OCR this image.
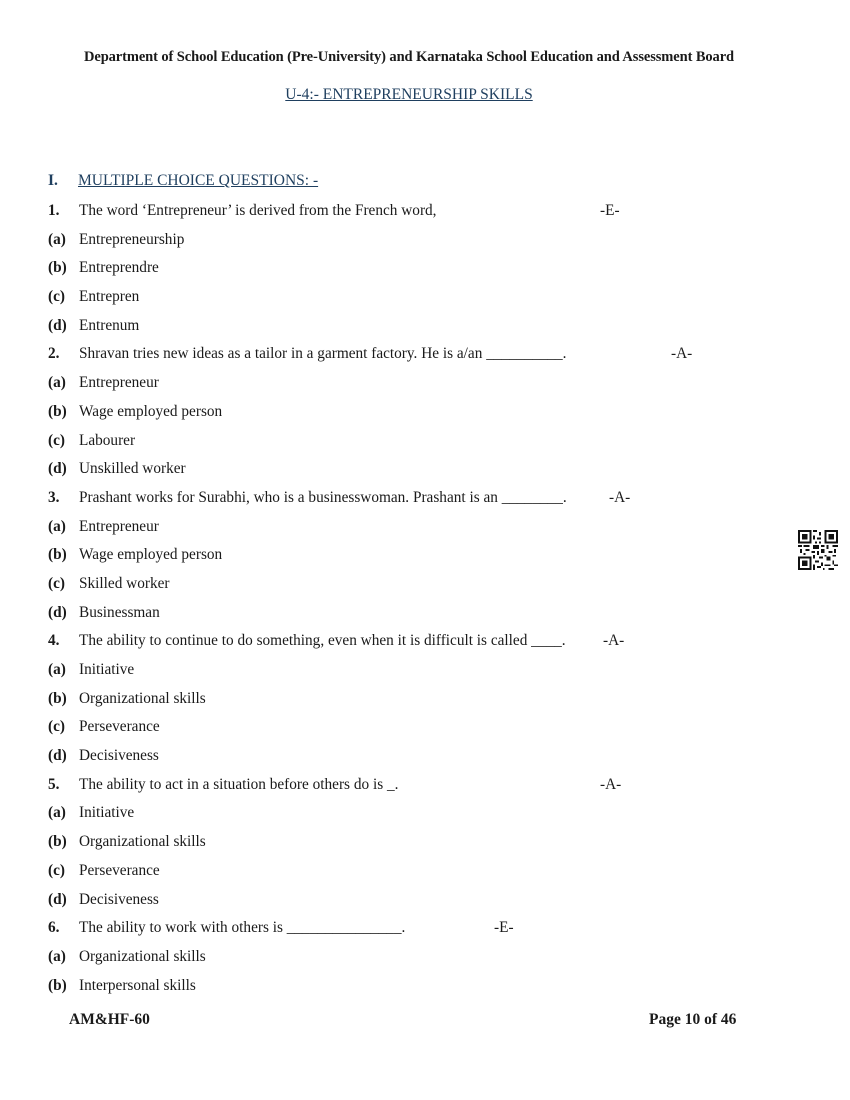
Department of School Education (Pre-University) and Karnataka School Education and Assessment Board
U-4:- ENTREPRENEURSHIP SKILLS
I. MULTIPLE CHOICE QUESTIONS: -
1. The word ‘Entrepreneur’ is derived from the French word,	-E-
(a) Entrepreneurship
(b) Entreprendre
(c) Entrepren
(d) Entrenum
2. Shravan tries new ideas as a tailor in a garment factory. He is a/an __________.	-A-
(a) Entrepreneur
(b) Wage employed person
(c) Labourer
(d) Unskilled worker
3. Prashant works for Surabhi, who is a businesswoman. Prashant is an ________.	-A-
(a) Entrepreneur
(b) Wage employed person
(c) Skilled worker
(d) Businessman
4. The ability to continue to do something, even when it is difficult is called ____. -A-
(a) Initiative
(b) Organizational skills
(c) Perseverance
(d) Decisiveness
5. The ability to act in a situation before others do is _.	-A-
(a) Initiative
(b) Organizational skills
(c) Perseverance
(d) Decisiveness
6. The ability to work with others is _______________.	-E-
(a) Organizational skills
(b) Interpersonal skills
AM&HF-60	Page 10 of 46
